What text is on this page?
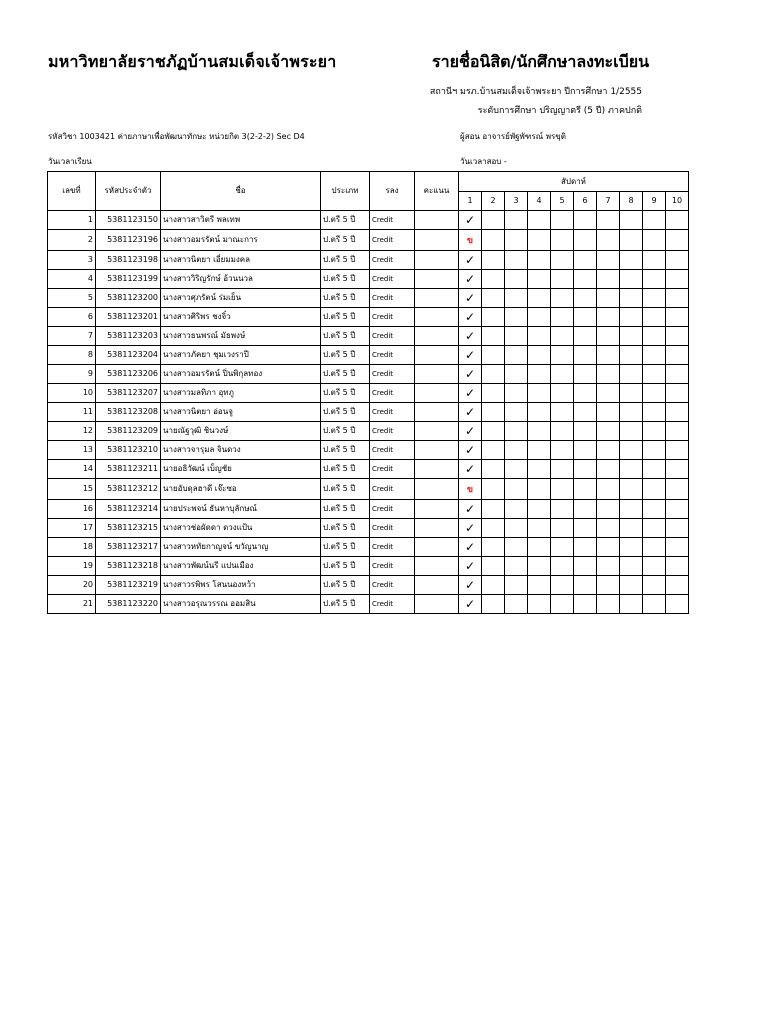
มหาวิทยาลัยราชภัฏบ้านสมเด็จเจ้าพระยา	รายชื่อนิสิต/นักศึกษาลงทะเบียน
สถานีฯ มรภ.บ้านสมเด็จเจ้าพระยา ปีการศึกษา 1/2555
ระดับการศึกษา ปริญญาตรี (5 ปี) ภาคปกติ
รหัสวิชา 1003421 ค่ายภาษาเพื่อพัฒนาทักษะ หน่วยกิต 3(2-2-2) Sec D4	ผู้สอน อาจารย์พัฐพัฑรณ์ พรขุติ
วันเวลาเรียน	วันเวลาสอบ -
เลขที่	รหัสประจำตัว	ชื่อ	ประเภท	รลง	คะแนน	สัปดาห์									
						1	2	3	4	5	6	7	8	9	10
1	5381123150	นางสาวสาวิตรี พลเทพ	ป.ตรี 5 ปี	Credit		✓									
2	5381123196	นางสาวอมรรัตน์ มาณะการ	ป.ตรี 5 ปี	Credit		ข									
3	5381123198	นางสาวนิตยา เอี่ยมมงคล	ป.ตรี 5 ปี	Credit		✓									
4	5381123199	นางสาววิริญรักษ์ อ้วนนวล	ป.ตรี 5 ปี	Credit		✓									
5	5381123200	นางสาวศุภรัตน์ ร่มเย็น	ป.ตรี 5 ปี	Credit		✓									
6	5381123201	นางสาวศิริพร ชงจิ๋ว	ป.ตรี 5 ปี	Credit		✓									
7	5381123203	นางสาวธนพรณ์ มัธพงษ์	ป.ตรี 5 ปี	Credit		✓									
8	5381123204	นางสาวภัคยา ชุมเวงราปี	ป.ตรี 5 ปี	Credit		✓									
9	5381123206	นางสาวอมรรัตน์ ปิ่นพิกุลทอง	ป.ตรี 5 ปี	Credit		✓									
10	5381123207	นางสาวมลทิภา อุทภู	ป.ตรี 5 ปี	Credit		✓									
11	5381123208	นางสาวนิตยา อ่อนจู	ป.ตรี 5 ปี	Credit		✓									
12	5381123209	นายณัฐวุฒิ ชินวงษ์	ป.ตรี 5 ปี	Credit		✓									
13	5381123210	นางสาวจารุมล จินดวง	ป.ตรี 5 ปี	Credit		✓									
14	5381123211	นายอธิวัฒน์ เบ็ญชัย	ป.ตรี 5 ปี	Credit		✓									
15	5381123212	นายอับดุลฮาดี เจ๊ะซอ	ป.ตรี 5 ปี	Credit		ข									
16	5381123214	นายประพจน์ ธันหาบุลักษณ์	ป.ตรี 5 ปี	Credit		✓									
17	5381123215	นางสาวช่อผัดดา ดวงแป้น	ป.ตรี 5 ปี	Credit		✓									
18	5381123217	นางสาวหทัยกาญจน์ ขวัญนาญ	ป.ตรี 5 ปี	Credit		✓									
19	5381123218	นางสาวพัฒน์นรี แปนเมือง	ป.ตรี 5 ปี	Credit		✓									
20	5381123219	นางสาวรพิพร โสนนองหว้า	ป.ตรี 5 ปี	Credit		✓									
21	5381123220	นางสาวอรุณวรรณ ออมสิน	ป.ตรี 5 ปี	Credit		✓									
